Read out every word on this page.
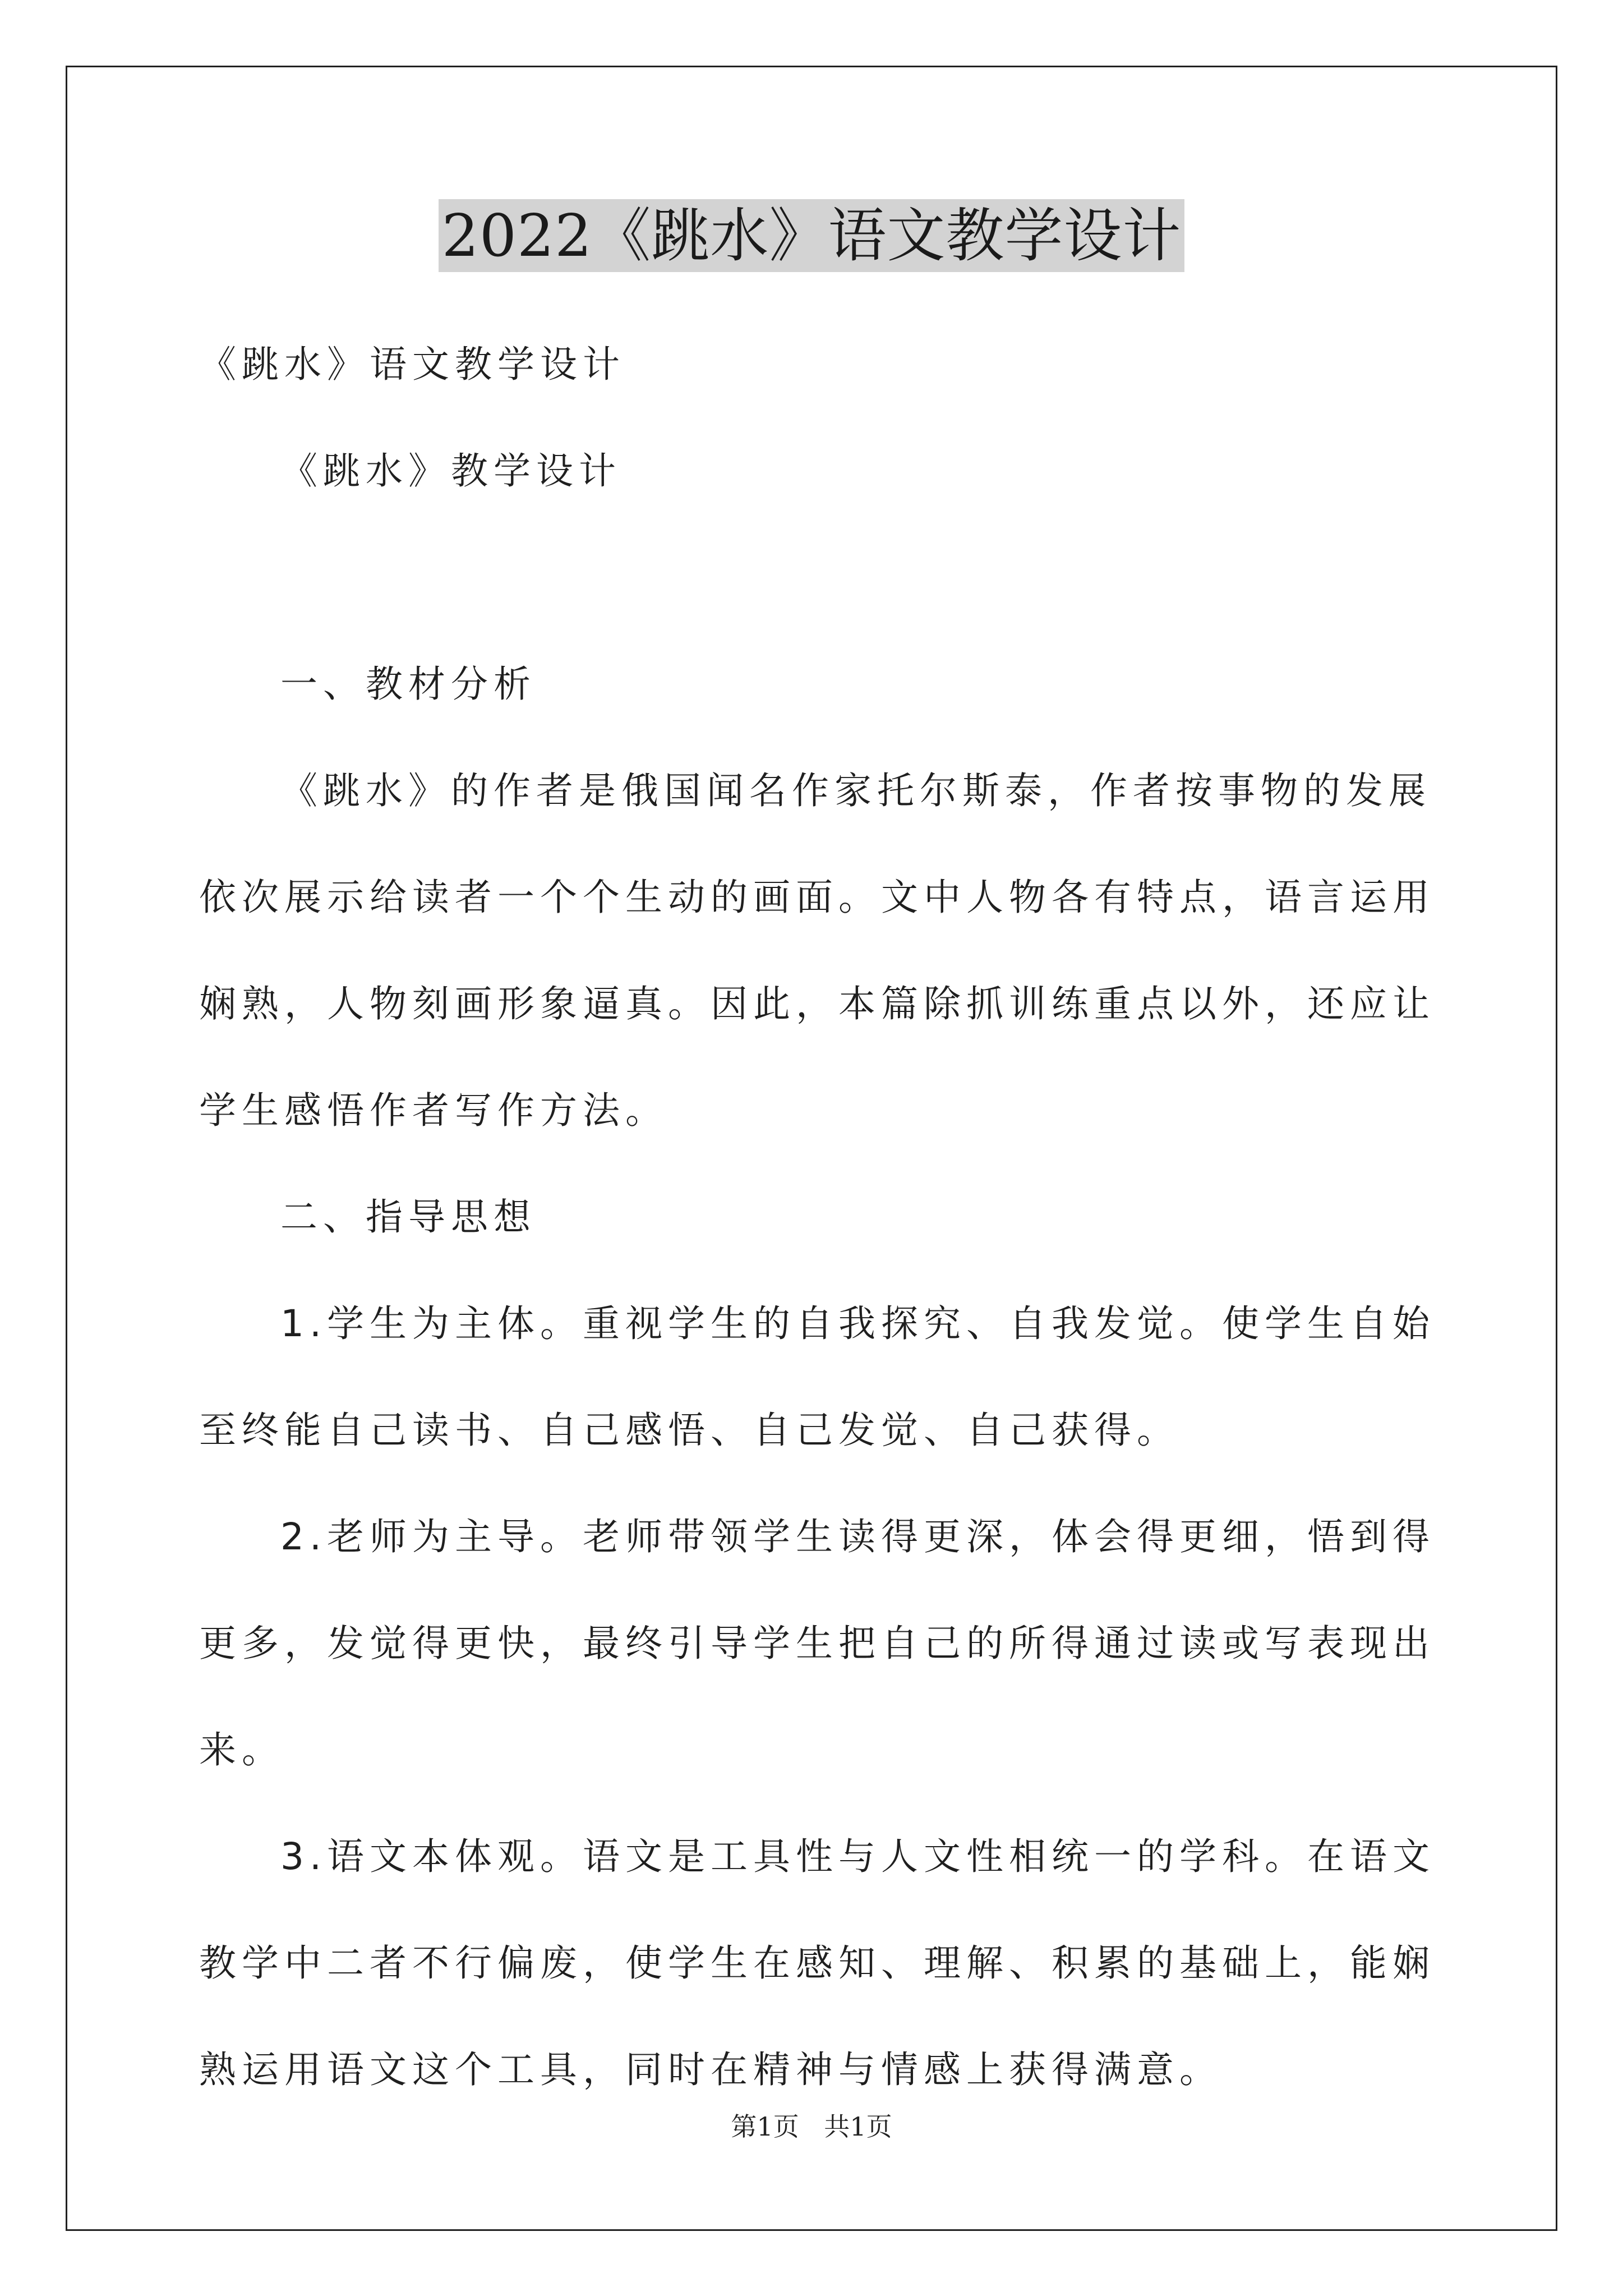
2022《跳水》语文教学设计

《跳水》语文教学设计

《跳水》教学设计

一、教材分析

《跳水》的作者是俄国闻名作家托尔斯泰，作者按事物的发展依次展示给读者一个个生动的画面。文中人物各有特点，语言运用娴熟，人物刻画形象逼真。因此，本篇除抓训练重点以外，还应让学生感悟作者写作方法。

二、指导思想

1.学生为主体。重视学生的自我探究、自我发觉。使学生自始至终能自己读书、自己感悟、自己发觉、自己获得。

2.老师为主导。老师带领学生读得更深，体会得更细，悟到得更多，发觉得更快，最终引导学生把自己的所得通过读或写表现出来。

3.语文本体观。语文是工具性与人文性相统一的学科。在语文教学中二者不行偏废，使学生在感知、理解、积累的基础上，能娴熟运用语文这个工具，同时在精神与情感上获得满意。

第1页 共1页
